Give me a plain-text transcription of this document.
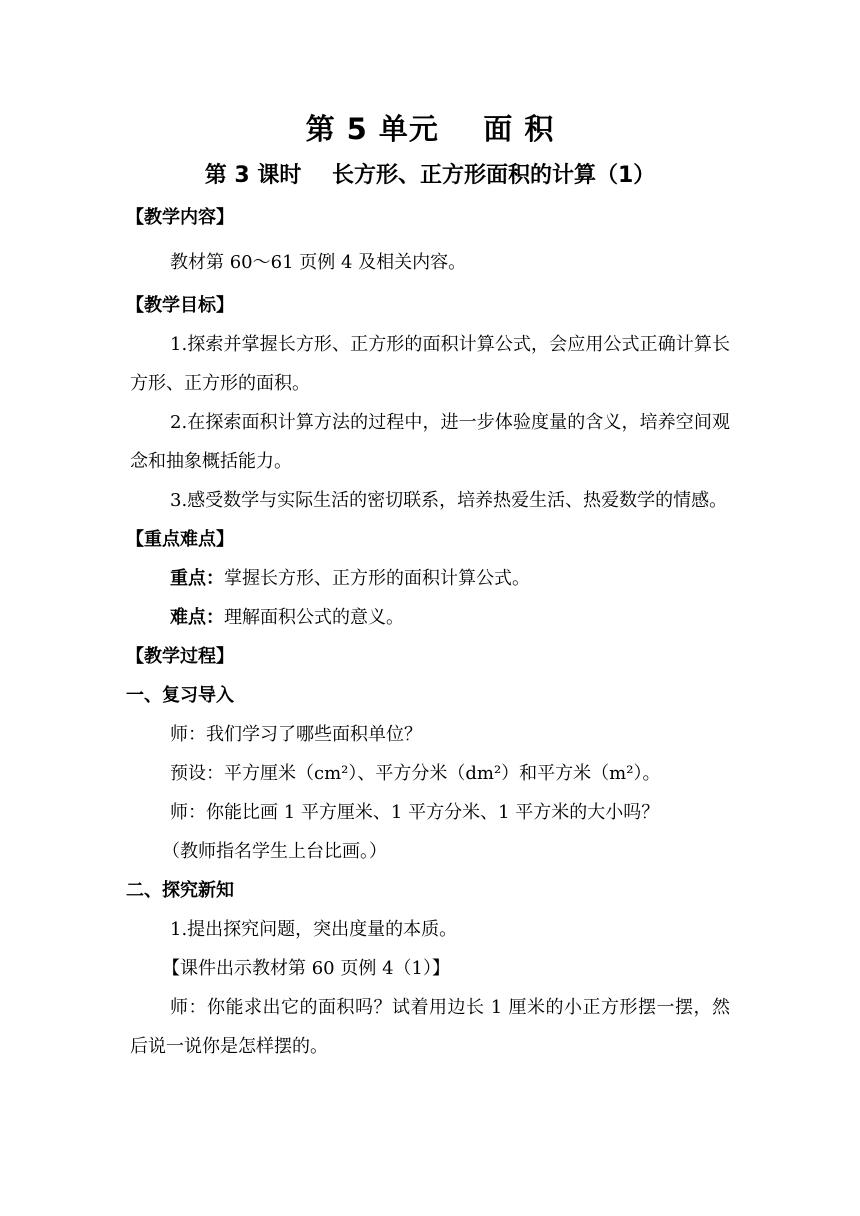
第 5 单元    面 积
第 3 课时    长方形、正方形面积的计算（1）
【教学内容】
教材第 60～61 页例 4 及相关内容。
【教学目标】
1.探索并掌握长方形、正方形的面积计算公式，会应用公式正确计算长方形、正方形的面积。
2.在探索面积计算方法的过程中，进一步体验度量的含义，培养空间观念和抽象概括能力。
3.感受数学与实际生活的密切联系，培养热爱生活、热爱数学的情感。
【重点难点】
重点：掌握长方形、正方形的面积计算公式。
难点：理解面积公式的意义。
【教学过程】
一、复习导入
师：我们学习了哪些面积单位？
预设：平方厘米（cm²）、平方分米（dm²）和平方米（m²）。
师：你能比画 1 平方厘米、1 平方分米、1 平方米的大小吗？
（教师指名学生上台比画。）
二、探究新知
1.提出探究问题，突出度量的本质。
【课件出示教材第 60 页例 4（1）】
师：你能求出它的面积吗？试着用边长 1 厘米的小正方形摆一摆，然后说一说你是怎样摆的。
